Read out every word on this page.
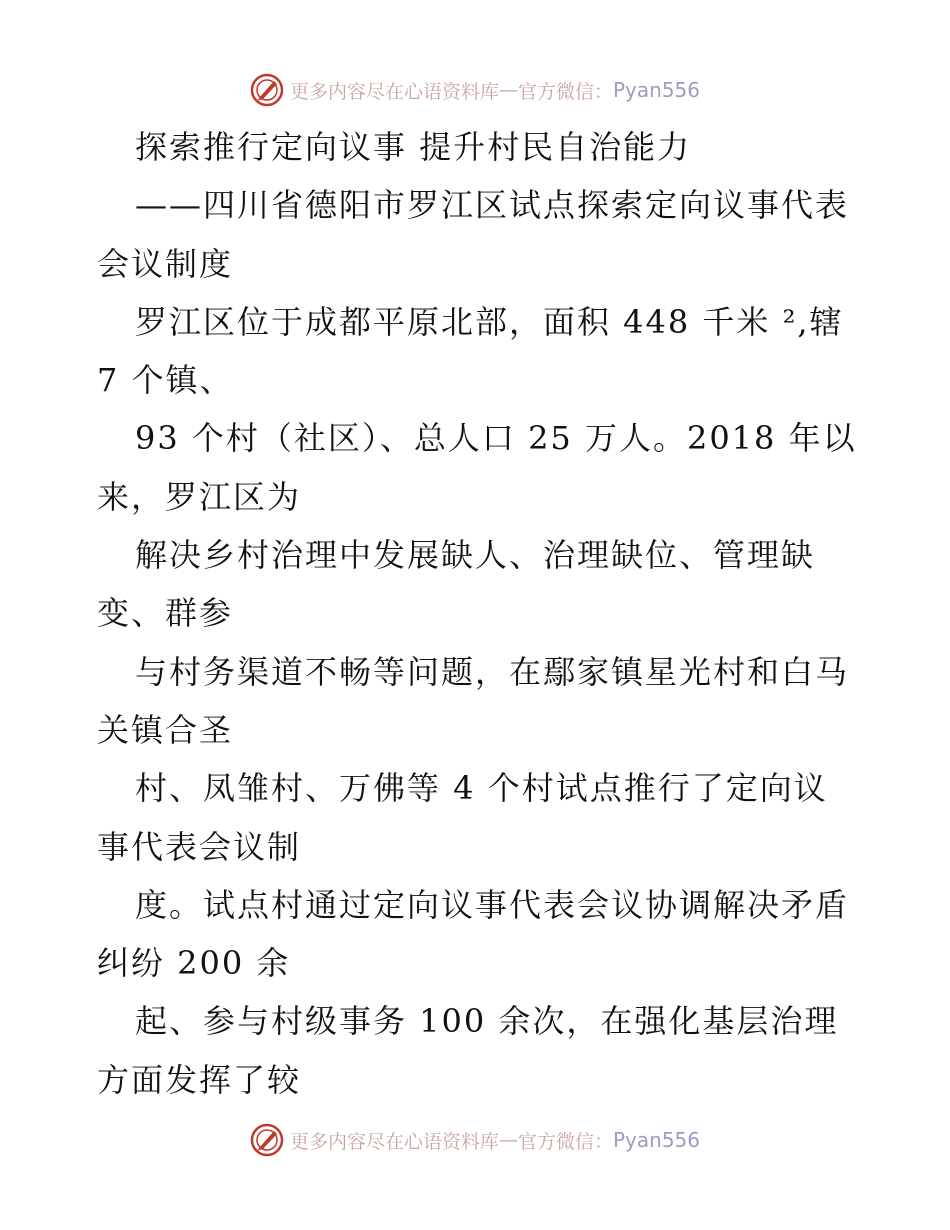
更多内容尽在心语资料库 — 官方微信： Pyan556
探索推行定向议事 提升村民自治能力
——四川省德阳市罗江区试点探索定向议事代表
会议制度
罗江区位于成都平原北部，面积 448 千米 ²,辖
7 个镇、
93 个村（社区）、总人口 25 万人。2018 年以
来，罗江区为
解决乡村治理中发展缺人、治理缺位、管理缺
变、群参
与村务渠道不畅等问题，在鄢家镇星光村和白马
关镇合圣
村、凤雏村、万佛等 4 个村试点推行了定向议
事代表会议制
度。试点村通过定向议事代表会议协调解决矛盾
纠纷 200 余
起、参与村级事务 100 余次，在强化基层治理
方面发挥了较
更多内容尽在心语资料库 — 官方微信： Pyan556
